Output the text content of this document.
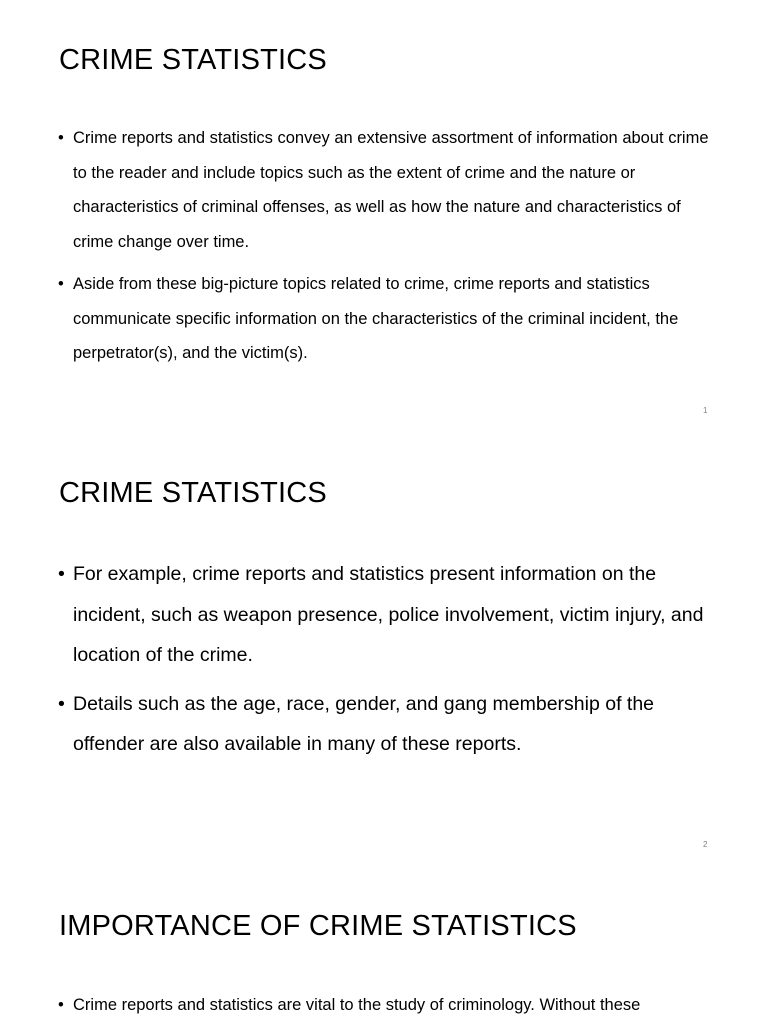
CRIME STATISTICS
• Crime reports and statistics convey an extensive assortment of information about crime to the reader and include topics such as the extent of crime and the nature or characteristics of criminal offenses, as well as how the nature and characteristics of crime change over time.
• Aside from these big-picture topics related to crime, crime reports and statistics communicate specific information on the characteristics of the criminal incident, the perpetrator(s), and the victim(s).
1
CRIME STATISTICS
• For example, crime reports and statistics present information on the incident, such as weapon presence, police involvement, victim injury, and location of the crime.
• Details such as the age, race, gender, and gang membership of the offender are also available in many of these reports.
2
IMPORTANCE OF CRIME STATISTICS
• Crime reports and statistics are vital to the study of criminology. Without these
